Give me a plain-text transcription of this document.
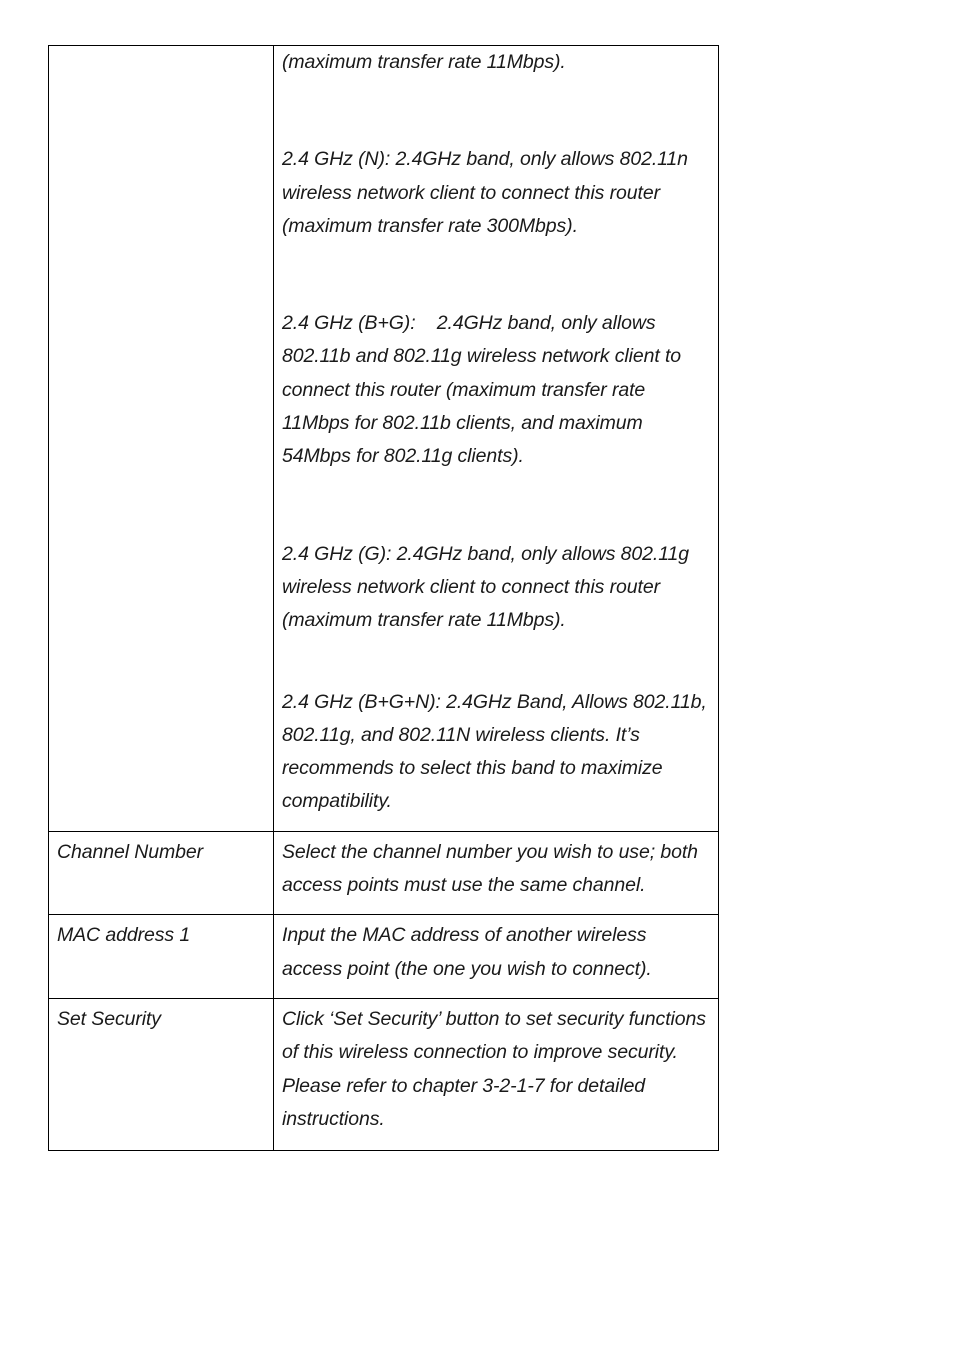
	(maximum transfer rate 11Mbps).

2.4 GHz (N): 2.4GHz band, only allows 802.11n wireless network client to connect this router (maximum transfer rate 300Mbps).

2.4 GHz (B+G):    2.4GHz band, only allows 802.11b and 802.11g wireless network client to connect this router (maximum transfer rate 11Mbps for 802.11b clients, and maximum 54Mbps for 802.11g clients).

2.4 GHz (G): 2.4GHz band, only allows 802.11g wireless network client to connect this router (maximum transfer rate 11Mbps).

2.4 GHz (B+G+N): 2.4GHz Band, Allows 802.11b, 802.11g, and 802.11N wireless clients. It’s recommends to select this band to maximize compatibility.

Channel Number	Select the channel number you wish to use; both access points must use the same channel.
MAC address 1	Input the MAC address of another wireless access point (the one you wish to connect).
Set Security	Click ‘Set Security’ button to set security functions of this wireless connection to improve security. Please refer to chapter 3-2-1-7 for detailed instructions.
